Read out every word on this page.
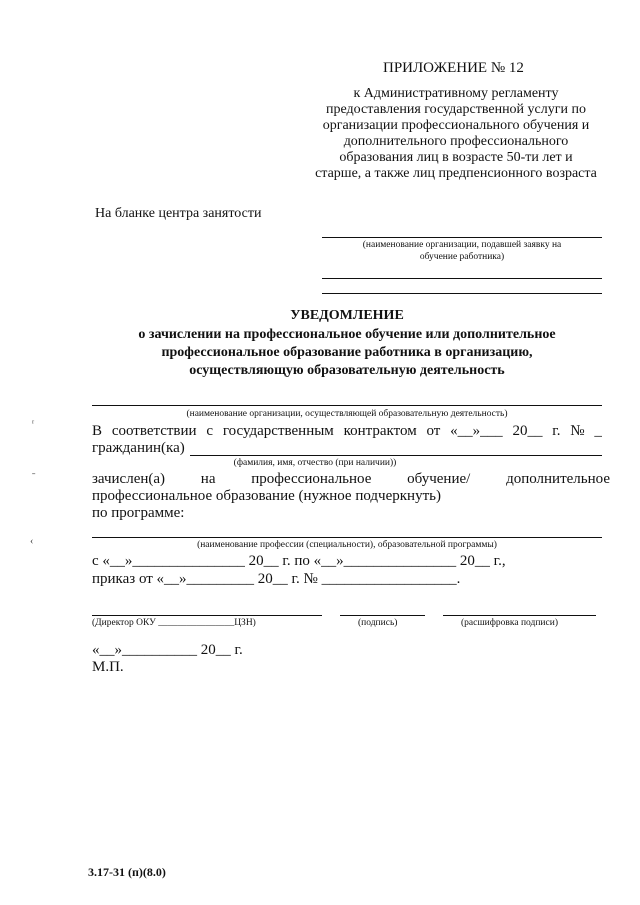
ПРИЛОЖЕНИЕ № 12
к Административному регламенту
предоставления государственной услуги по
организации профессионального обучения и
дополнительного профессионального
образования лиц в возрасте 50-ти лет и
старше, а также лиц предпенсионного возраста
На бланке центра занятости
(наименование организации, подавшей заявку на
обучение работника)
УВЕДОМЛЕНИЕ
о зачислении на профессиональное обучение или дополнительное
профессиональное образование работника в организацию,
осуществляющую образовательную деятельность
(наименование организации, осуществляющей образовательную деятельность)
В соответствии с государственным контрактом от «__»___ 20__ г. № _
гражданин(ка)
(фамилия, имя, отчество (при наличии))
зачислен(а) на профессиональное обучение/ дополнительное
профессиональное образование (нужное подчеркнуть)
по программе:
(наименование профессии (специальности), образовательной программы)
с «__»_______________ 20__ г. по «__»_______________ 20__ г.,
приказ от «__»_________ 20__ г. № __________________.
(Директор ОКУ ________________ЦЗН)	(подпись)	(расшифровка подписи)
«__»__________ 20__ г.
М.П.
3.17-31 (п)(8.0)
ʳ
˗
‹
